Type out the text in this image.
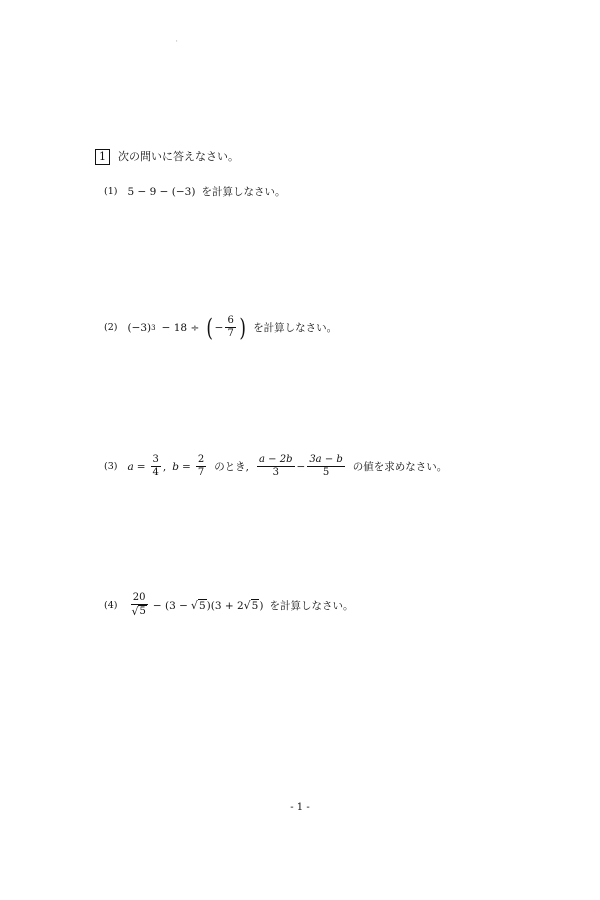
'
1	次の問いに答えなさい。
(1) 5 − 9 − (−3) を計算しなさい。
(2) (−3) 3 − 18 ÷ ( − $\frac{6}{7}$ ) を計算しなさい。
(3) $a = \frac{3}{4}$ , $b = \frac{2}{7}$ のとき, $\frac{a - 2b}{3} - \frac{3a - b}{5}$ の値を求めなさい。
$(4) \frac{20}{√ 5} - (3$ − √ 5 )(3 + 2 √ 5 ) を計算しなさい。
- 1 -
